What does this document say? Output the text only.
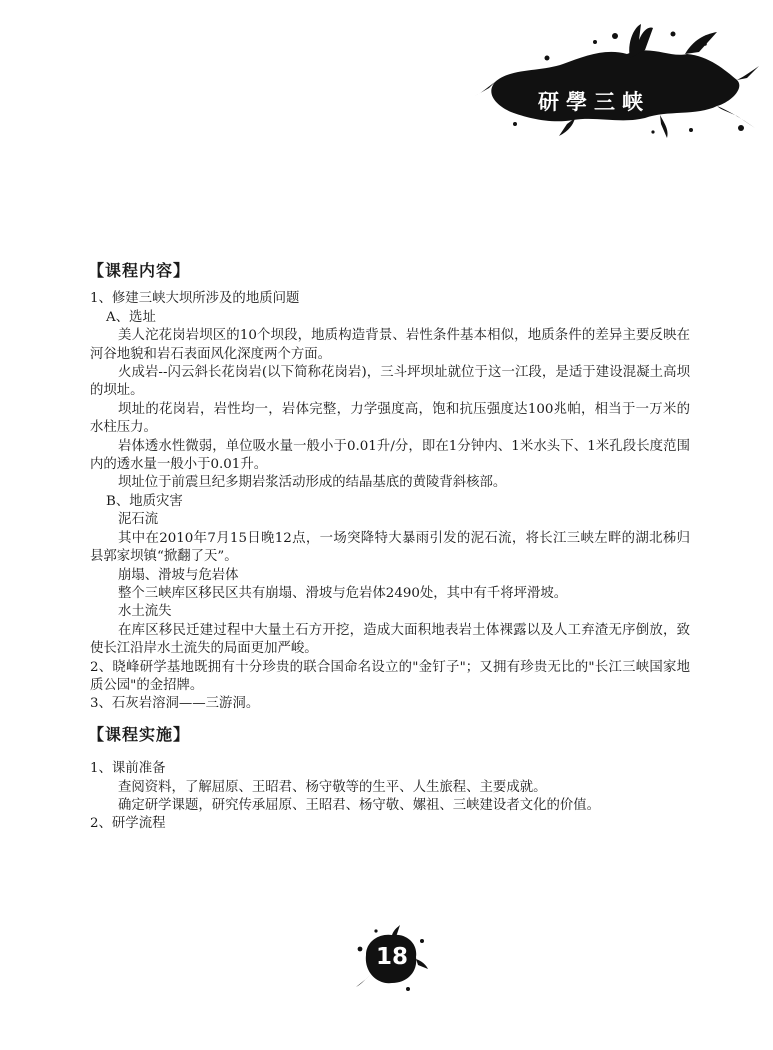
研學三峡
【课程内容】
1、修建三峡大坝所涉及的地质问题
A、选址
美人沱花岗岩坝区的10个坝段，地质构造背景、岩性条件基本相似，地质条件的差异主要反映在河谷地貌和岩石表面风化深度两个方面。
火成岩--闪云斜长花岗岩(以下简称花岗岩)，三斗坪坝址就位于这一江段，是适于建设混凝土高坝的坝址。
坝址的花岗岩，岩性均一，岩体完整，力学强度高，饱和抗压强度达100兆帕，相当于一万米的水柱压力。
岩体透水性微弱，单位吸水量一般小于0.01升/分，即在1分钟内、1米水头下、1米孔段长度范围内的透水量一般小于0.01升。
坝址位于前震旦纪多期岩浆活动形成的结晶基底的黄陵背斜核部。
B、地质灾害
泥石流
其中在2010年7月15日晚12点，一场突降特大暴雨引发的泥石流，将长江三峡左畔的湖北秭归县郭家坝镇“掀翻了天”。
崩塌、滑坡与危岩体
整个三峡库区移民区共有崩塌、滑坡与危岩体2490处，其中有千将坪滑坡。
水土流失
在库区移民迁建过程中大量土石方开挖，造成大面积地表岩土体裸露以及人工弃渣无序倒放，致使长江沿岸水土流失的局面更加严峻。
2、晓峰研学基地既拥有十分珍贵的联合国命名设立的"金钉子"；又拥有珍贵无比的"长江三峡国家地质公园"的金招牌。
3、石灰岩溶洞——三游洞。
【课程实施】
1、课前准备
查阅资料，了解屈原、王昭君、杨守敬等的生平、人生旅程、主要成就。
确定研学课题，研究传承屈原、王昭君、杨守敬、嫘祖、三峡建设者文化的价值。
2、研学流程
18
